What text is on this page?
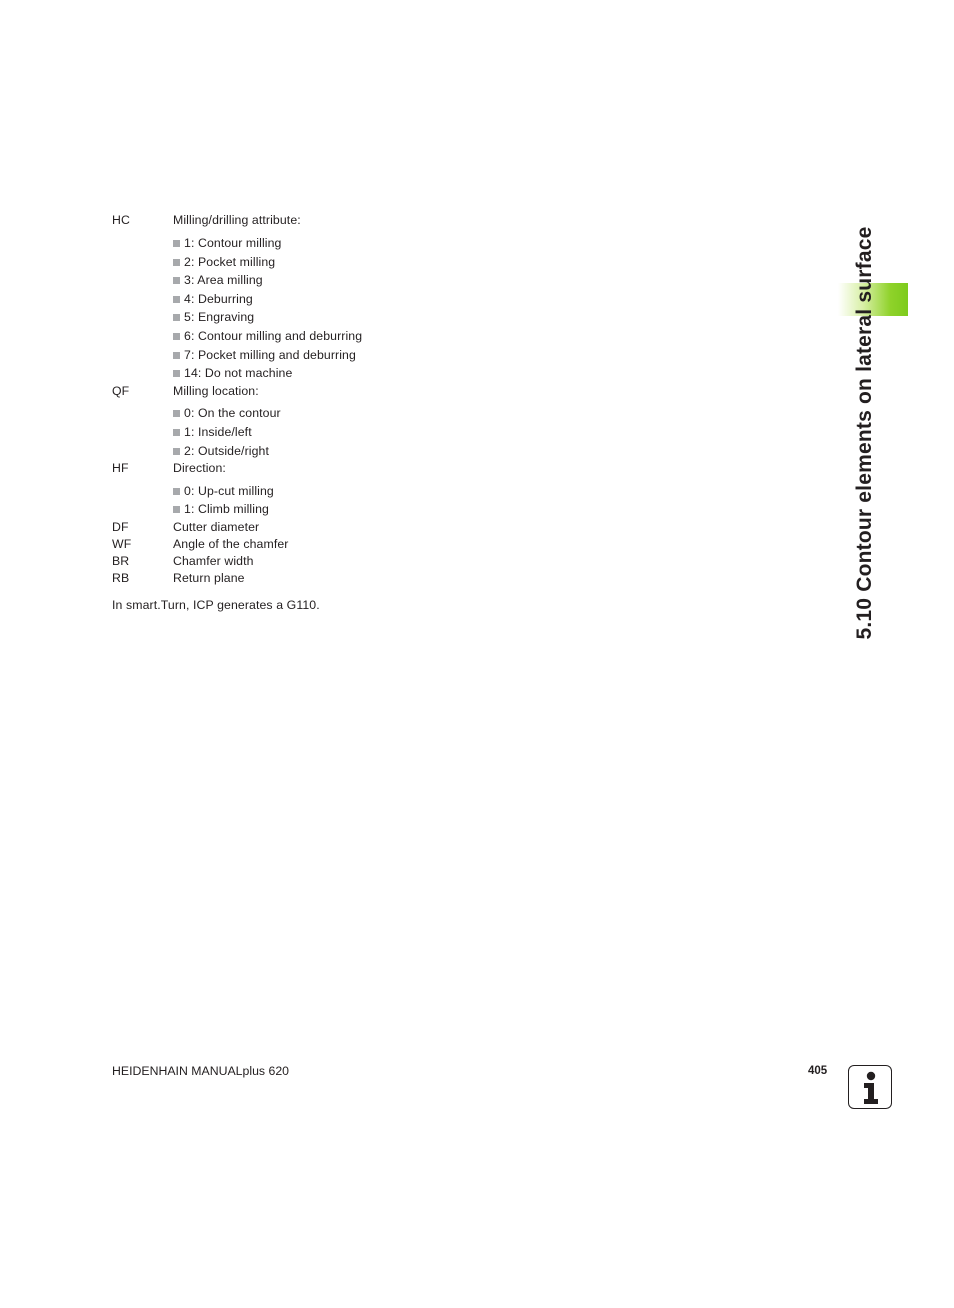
HC	Milling/drilling attribute:
1: Contour milling
2: Pocket milling
3: Area milling
4: Deburring
5: Engraving
6: Contour milling and deburring
7: Pocket milling and deburring
14: Do not machine
QF	Milling location:
0: On the contour
1: Inside/left
2: Outside/right
HF	Direction:
0: Up-cut milling
1: Climb milling
DF	Cutter diameter
WF	Angle of the chamfer
BR	Chamfer width
RB	Return plane
In smart.Turn, ICP generates a G110.	5.10 Contour elements on lateral surface
HEIDENHAIN MANUALplus 620	405
